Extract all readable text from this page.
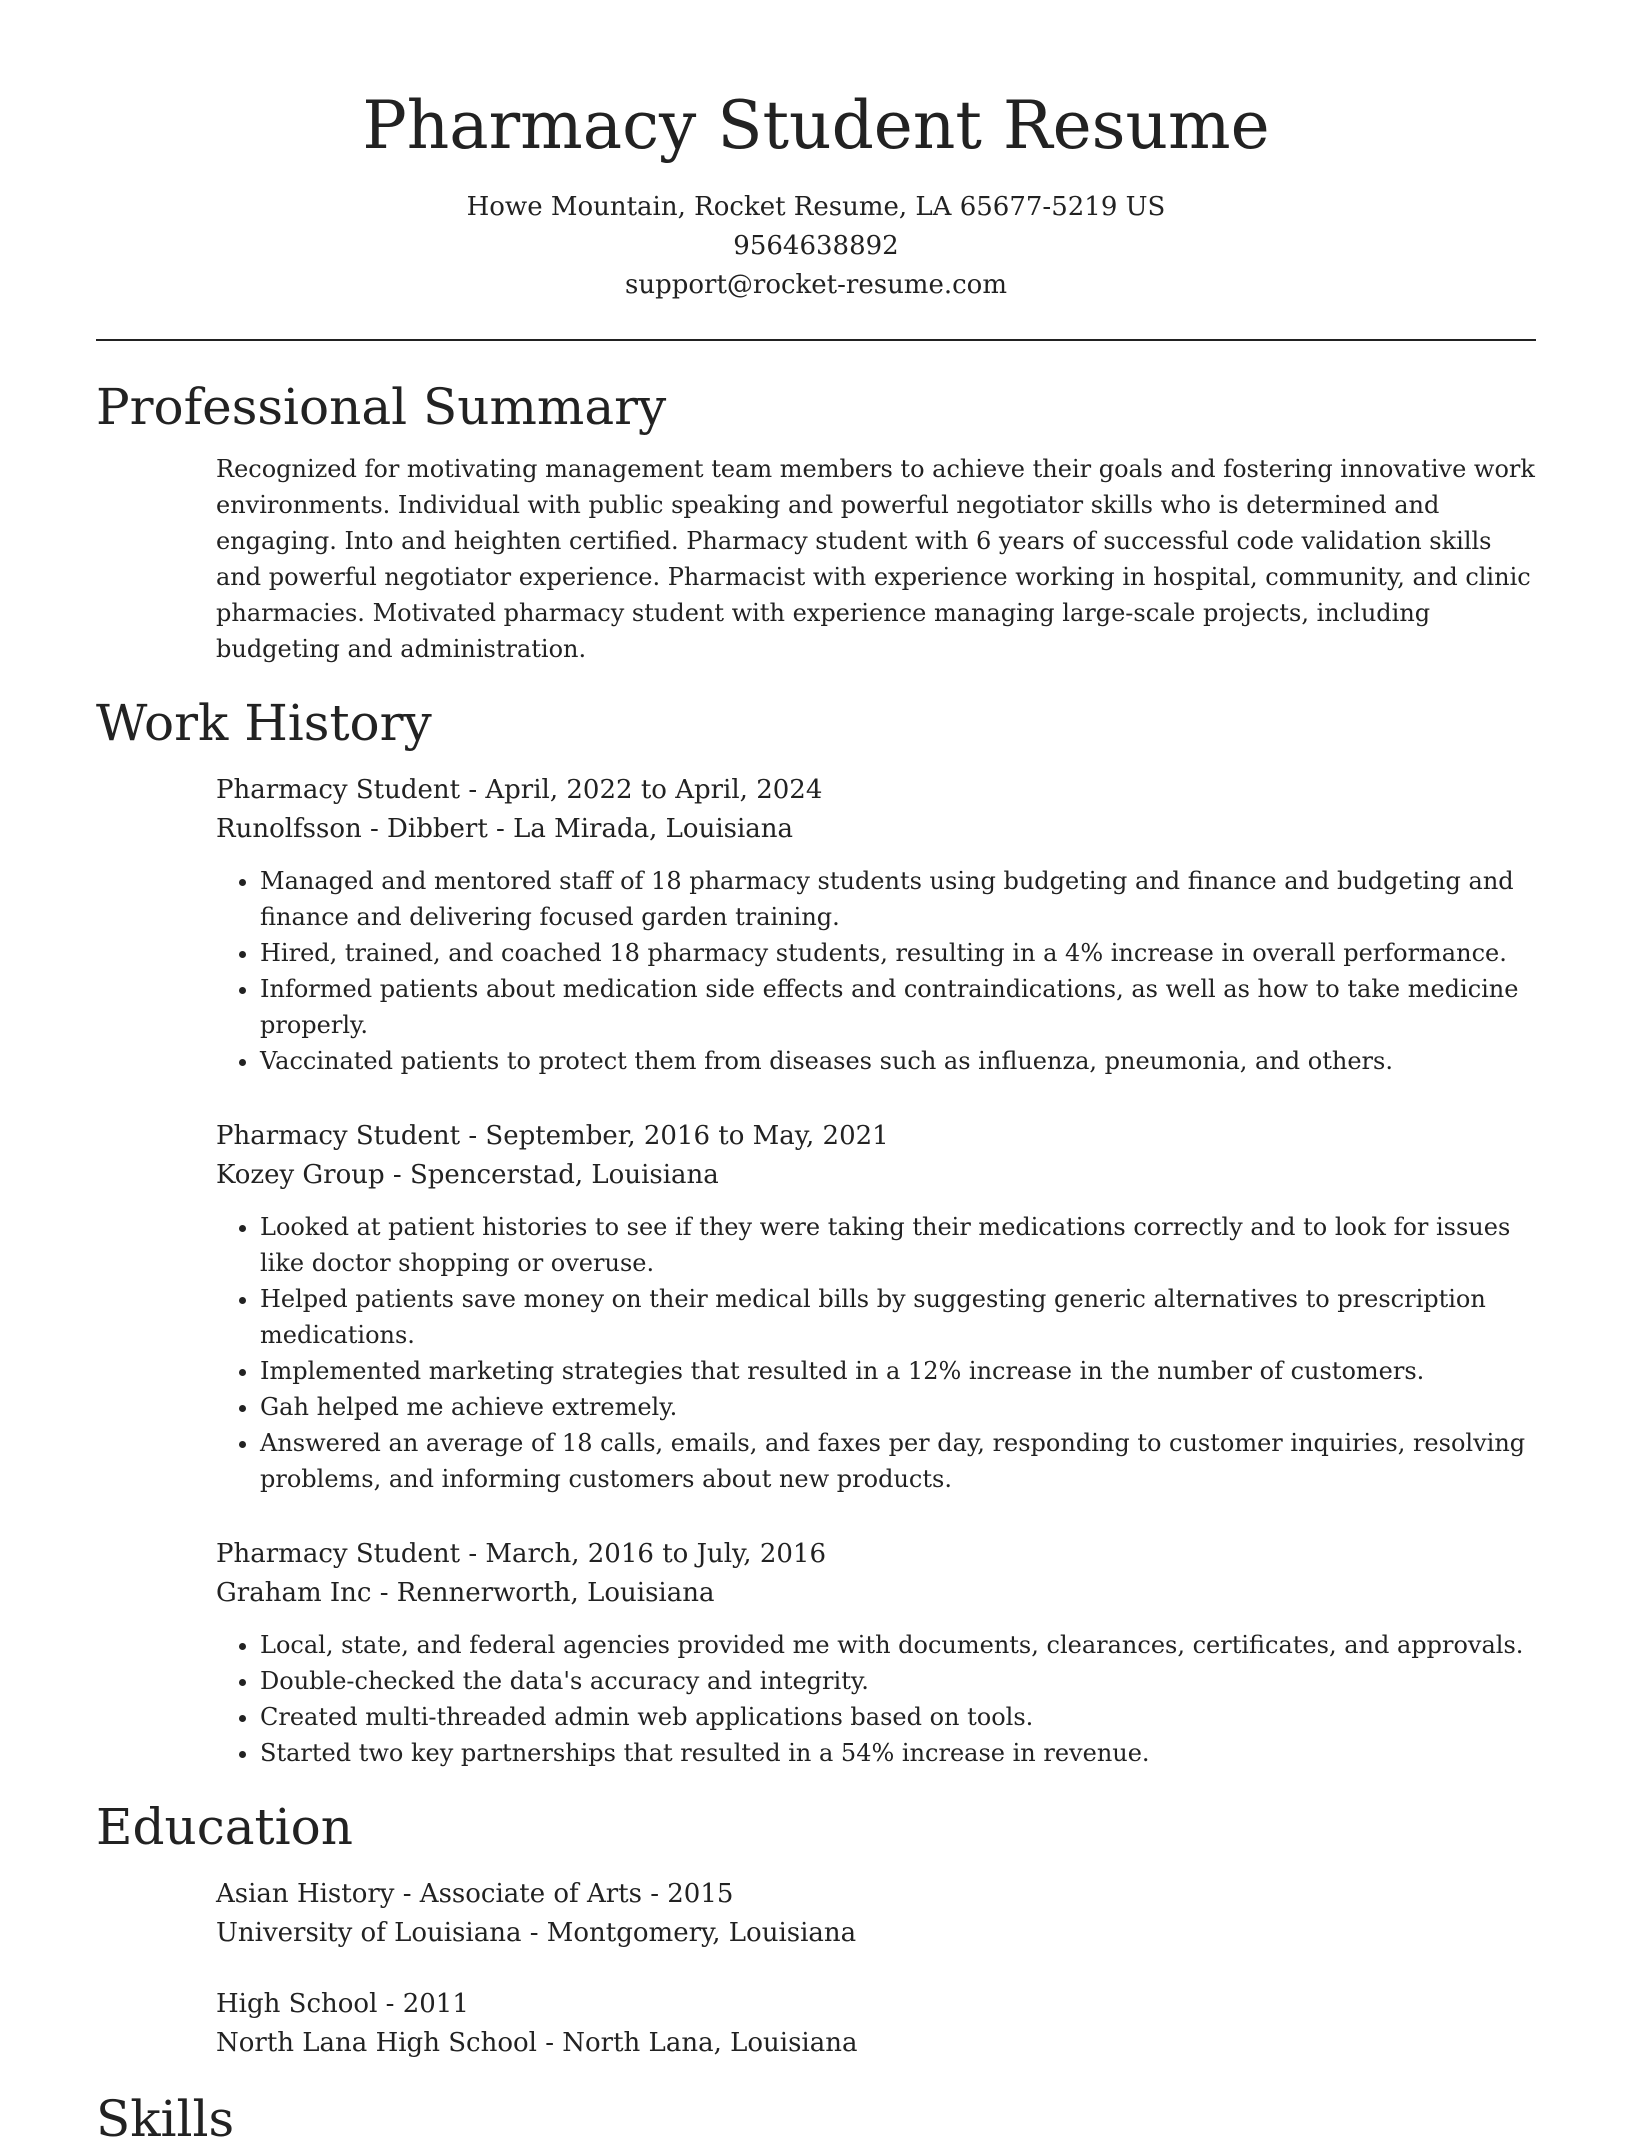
Pharmacy Student Resume

Howe Mountain, Rocket Resume, LA 65677-5219 US

9564638892

support@rocket-resume.com

Professional Summary

Recognized for motivating management team members to achieve their goals and fostering innovative work environments. Individual with public speaking and powerful negotiator skills who is determined and engaging. Into and heighten certified. Pharmacy student with 6 years of successful code validation skills and powerful negotiator experience. Pharmacist with experience working in hospital, community, and clinic pharmacies. Motivated pharmacy student with experience managing large-scale projects, including budgeting and administration.

Work History

Pharmacy Student - April, 2022 to April, 2024

Runolfsson - Dibbert - La Mirada, Louisiana

• Managed and mentored staff of 18 pharmacy students using budgeting and finance and budgeting and finance and delivering focused garden training.
• Hired, trained, and coached 18 pharmacy students, resulting in a 4% increase in overall performance.
• Informed patients about medication side effects and contraindications, as well as how to take medicine properly.
• Vaccinated patients to protect them from diseases such as influenza, pneumonia, and others.

Pharmacy Student - September, 2016 to May, 2021

Kozey Group - Spencerstad, Louisiana

• Looked at patient histories to see if they were taking their medications correctly and to look for issues like doctor shopping or overuse.
• Helped patients save money on their medical bills by suggesting generic alternatives to prescription medications.
• Implemented marketing strategies that resulted in a 12% increase in the number of customers.
• Gah helped me achieve extremely.
• Answered an average of 18 calls, emails, and faxes per day, responding to customer inquiries, resolving problems, and informing customers about new products.

Pharmacy Student - March, 2016 to July, 2016

Graham Inc - Rennerworth, Louisiana

• Local, state, and federal agencies provided me with documents, clearances, certificates, and approvals.
• Double-checked the data's accuracy and integrity.
• Created multi-threaded admin web applications based on tools.
• Started two key partnerships that resulted in a 54% increase in revenue.
Education

Asian History - Associate of Arts - 2015

University of Louisiana - Montgomery, Louisiana

High School - 2011

North Lana High School - North Lana, Louisiana

Skills
